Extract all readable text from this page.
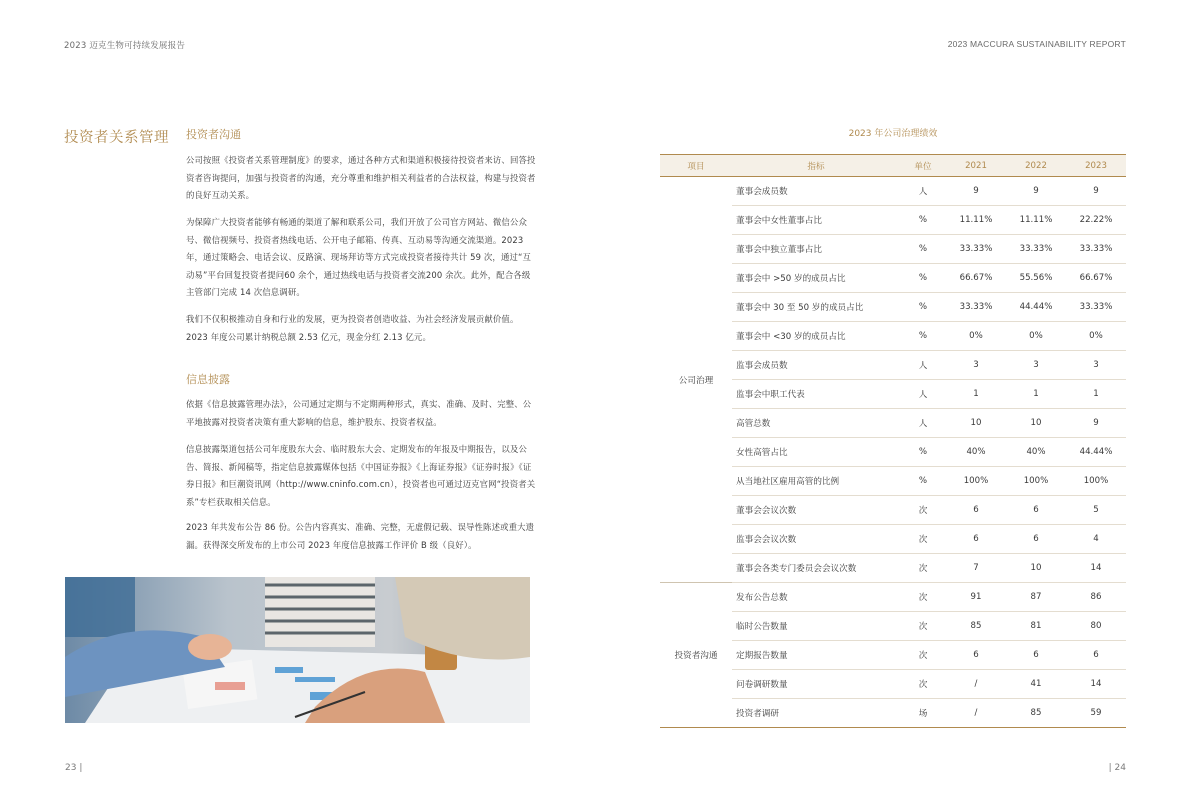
2023 迈克生物可持续发展报告	2023 MACCURA SUSTAINABILITY REPORT
投资者关系管理 投资者沟通
公司按照《投资者关系管理制度》的要求，通过各种方式和渠道积极接待投资者来访、回答投资者咨询提问，加强与投资者的沟通，充分尊重和维护相关利益者的合法权益，构建与投资者的良好互动关系。
为保障广大投资者能够有畅通的渠道了解和联系公司，我们开放了公司官方网站、微信公众号、微信视频号、投资者热线电话、公开电子邮箱、传真、互动易等沟通交流渠道。2023 年，通过策略会、电话会议、反路演、现场拜访等方式完成投资者接待共计 59 次，通过“互动易”平台回复投资者提问60 余个，通过热线电话与投资者交流200 余次。此外，配合各级主管部门完成 14 次信息调研。
我们不仅积极推动自身和行业的发展，更为投资者创造收益、为社会经济发展贡献价值。2023 年度公司累计纳税总额 2.53 亿元，现金分红 2.13 亿元。
信息披露
依据《信息披露管理办法》，公司通过定期与不定期两种形式，真实、准确、及时、完整、公平地披露对投资者决策有重大影响的信息，维护股东、投资者权益。
信息披露渠道包括公司年度股东大会、临时股东大会、定期发布的年报及中期报告，以及公告、简报、新闻稿等，指定信息披露媒体包括《中国证券报》《上海证券报》《证券时报》《证券日报》和巨潮资讯网（http://www.cninfo.com.cn），投资者也可通过迈克官网“投资者关系”专栏获取相关信息。
2023 年共发布公告 86 份。公告内容真实、准确、完整，无虚假记载、误导性陈述或重大遗漏。获得深交所发布的上市公司 2023 年度信息披露工作评价 B 级（良好）。
2023 年公司治理绩效
项目	指标	单位	2021	2022	2023
公司治理	董事会成员数	人	9	9	9
	董事会中女性董事占比	%	11.11%	11.11%	22.22%
	董事会中独立董事占比	%	33.33%	33.33%	33.33%
	董事会中 >50 岁的成员占比	%	66.67%	55.56%	66.67%
	董事会中 30 至 50 岁的成员占比	%	33.33%	44.44%	33.33%
	董事会中 <30 岁的成员占比	%	0%	0%	0%
	监事会成员数	人	3	3	3
	监事会中职工代表	人	1	1	1
	高管总数	人	10	10	9
	女性高管占比	%	40%	40%	44.44%
	从当地社区雇用高管的比例	%	100%	100%	100%
	董事会会议次数	次	6	6	5
	监事会会议次数	次	6	6	4
	董事会各类专门委员会会议次数	次	7	10	14
投资者沟通	发布公告总数	次	91	87	86
	临时公告数量	次	85	81	80
	定期报告数量	次	6	6	6
	问卷调研数量	次	/	41	14
	投资者调研	场	/	85	59
23 |	| 24
